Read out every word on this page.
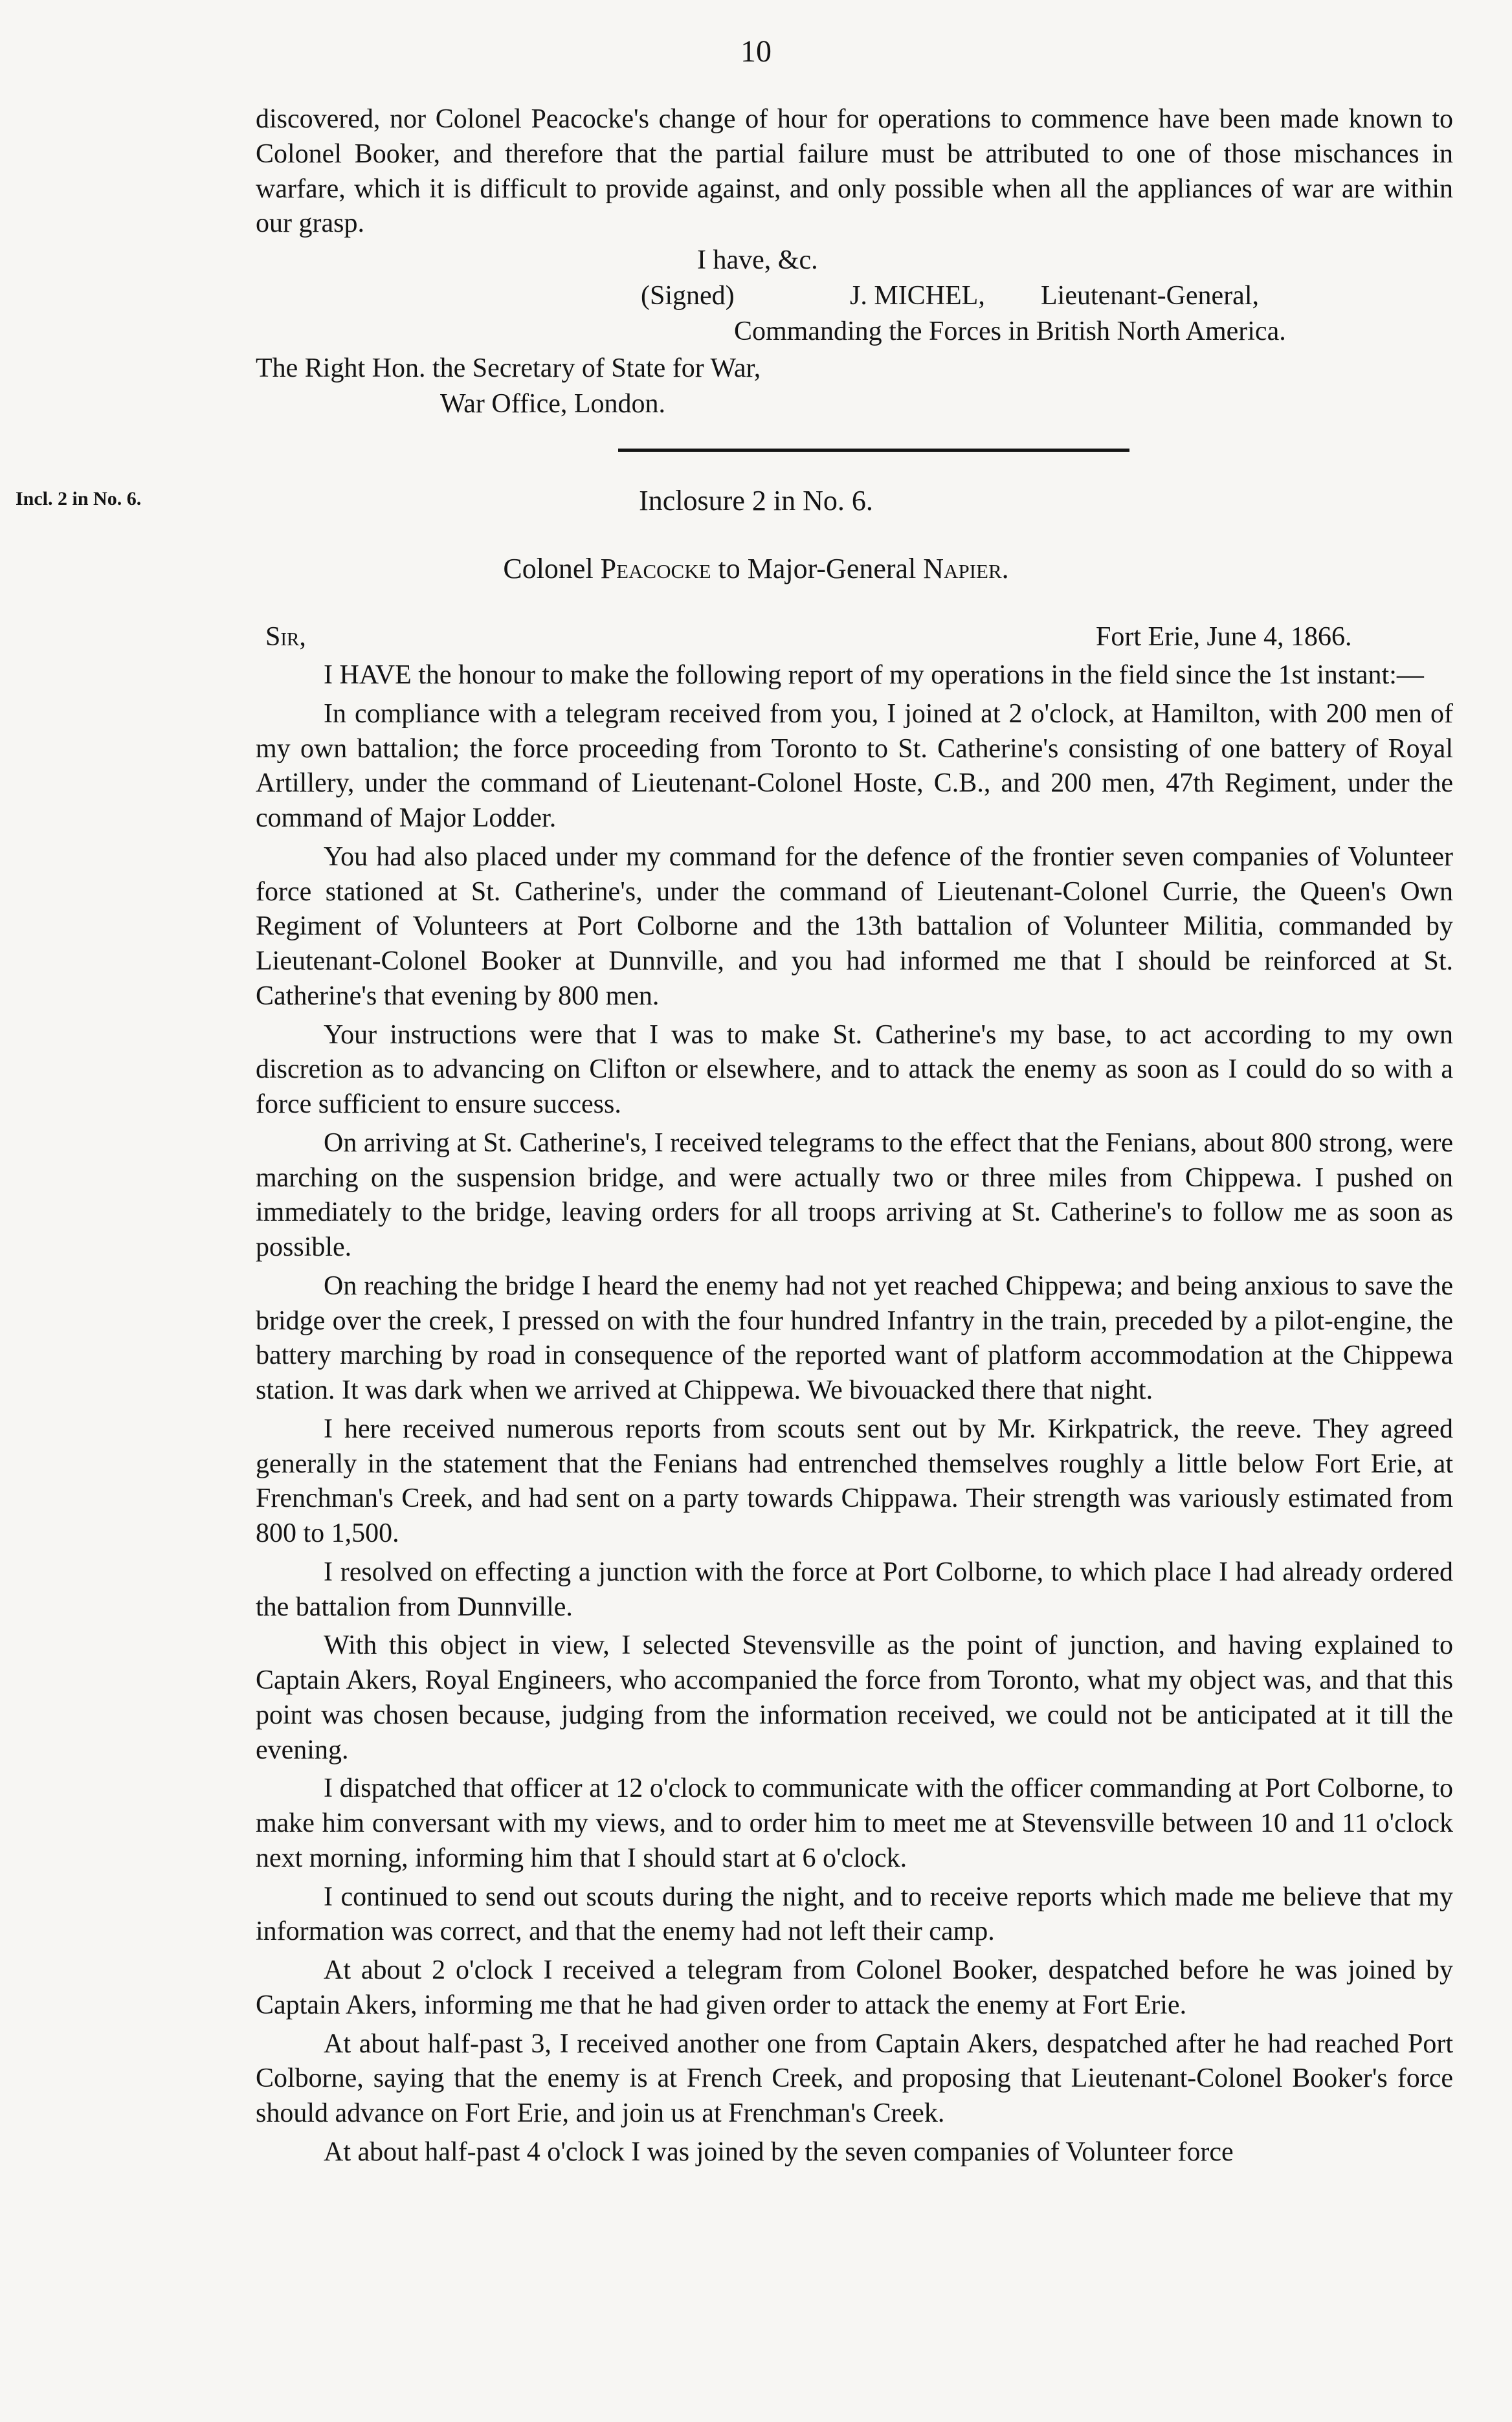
10

discovered, nor Colonel Peacocke's change of hour for operations to commence have been made known to Colonel Booker, and therefore that the partial failure must be attributed to one of those mischances in warfare, which it is difficult to provide against, and only possible when all the appliances of war are within our grasp.

I have, &c.
(Signed)	J. MICHEL, Lieutenant-General,
Commanding the Forces in British North America.
The Right Hon. the Secretary of State for War,
War Office, London.
Incl. 2 in No. 6.	Inclosure 2 in No. 6.
Colonel Peacocke to Major-General Napier.
Sir,	Fort Erie, June 4, 1866.

I HAVE the honour to make the following report of my operations in the field since the 1st instant:—

In compliance with a telegram received from you, I joined at 2 o'clock, at Hamilton, with 200 men of my own battalion; the force proceeding from Toronto to St. Catherine's consisting of one battery of Royal Artillery, under the command of Lieutenant-Colonel Hoste, C.B., and 200 men, 47th Regiment, under the command of Major Lodder.

You had also placed under my command for the defence of the frontier seven companies of Volunteer force stationed at St. Catherine's, under the command of Lieutenant-Colonel Currie, the Queen's Own Regiment of Volunteers at Port Colborne and the 13th battalion of Volunteer Militia, commanded by Lieutenant-Colonel Booker at Dunnville, and you had informed me that I should be reinforced at St. Catherine's that evening by 800 men.

Your instructions were that I was to make St. Catherine's my base, to act according to my own discretion as to advancing on Clifton or elsewhere, and to attack the enemy as soon as I could do so with a force sufficient to ensure success.

On arriving at St. Catherine's, I received telegrams to the effect that the Fenians, about 800 strong, were marching on the suspension bridge, and were actually two or three miles from Chippewa. I pushed on immediately to the bridge, leaving orders for all troops arriving at St. Catherine's to follow me as soon as possible.

On reaching the bridge I heard the enemy had not yet reached Chippewa; and being anxious to save the bridge over the creek, I pressed on with the four hundred Infantry in the train, preceded by a pilot-engine, the battery marching by road in consequence of the reported want of platform accommodation at the Chippewa station. It was dark when we arrived at Chippewa. We bivouacked there that night.

I here received numerous reports from scouts sent out by Mr. Kirkpatrick, the reeve. They agreed generally in the statement that the Fenians had entrenched themselves roughly a little below Fort Erie, at Frenchman's Creek, and had sent on a party towards Chippawa. Their strength was variously estimated from 800 to 1,500.

I resolved on effecting a junction with the force at Port Colborne, to which place I had already ordered the battalion from Dunnville.

With this object in view, I selected Stevensville as the point of junction, and having explained to Captain Akers, Royal Engineers, who accompanied the force from Toronto, what my object was, and that this point was chosen because, judging from the information received, we could not be anticipated at it till the evening.

I dispatched that officer at 12 o'clock to communicate with the officer commanding at Port Colborne, to make him conversant with my views, and to order him to meet me at Stevensville between 10 and 11 o'clock next morning, informing him that I should start at 6 o'clock.

I continued to send out scouts during the night, and to receive reports which made me believe that my information was correct, and that the enemy had not left their camp.

At about 2 o'clock I received a telegram from Colonel Booker, despatched before he was joined by Captain Akers, informing me that he had given order to attack the enemy at Fort Erie.

At about half-past 3, I received another one from Captain Akers, despatched after he had reached Port Colborne, saying that the enemy is at French Creek, and proposing that Lieutenant-Colonel Booker's force should advance on Fort Erie, and join us at Frenchman's Creek.

At about half-past 4 o'clock I was joined by the seven companies of Volunteer force
